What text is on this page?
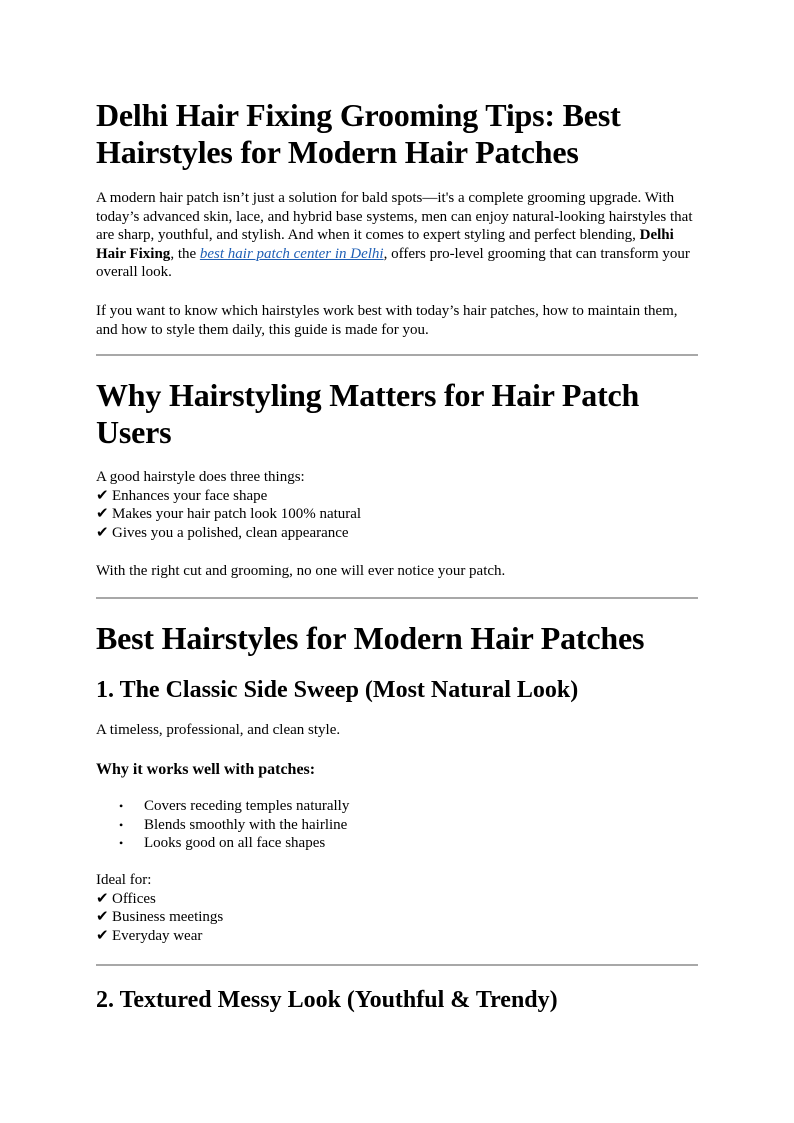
Delhi Hair Fixing Grooming Tips: Best
Hairstyles for Modern Hair Patches

A modern hair patch isn’t just a solution for bald spots—it's a complete grooming upgrade. With today’s advanced skin, lace, and hybrid base systems, men can enjoy natural-looking hairstyles that are sharp, youthful, and stylish. And when it comes to expert styling and perfect blending, Delhi Hair Fixing, the best hair patch center in Delhi, offers pro-level grooming that can transform your overall look.

If you want to know which hairstyles work best with today’s hair patches, how to maintain them, and how to style them daily, this guide is made for you.

Why Hairstyling Matters for Hair Patch
Users

A good hairstyle does three things:

✔ Enhances your face shape

✔ Makes your hair patch look 100% natural

✔ Gives you a polished, clean appearance

With the right cut and grooming, no one will ever notice your patch.

Best Hairstyles for Modern Hair Patches
1. The Classic Side Sweep (Most Natural Look)

A timeless, professional, and clean style.

Why it works well with patches:
• Covers receding temples naturally
• Blends smoothly with the hairline
• Looks good on all face shapes

Ideal for:

✔ Offices

✔ Business meetings

✔ Everyday wear

2. Textured Messy Look (Youthful & Trendy)
